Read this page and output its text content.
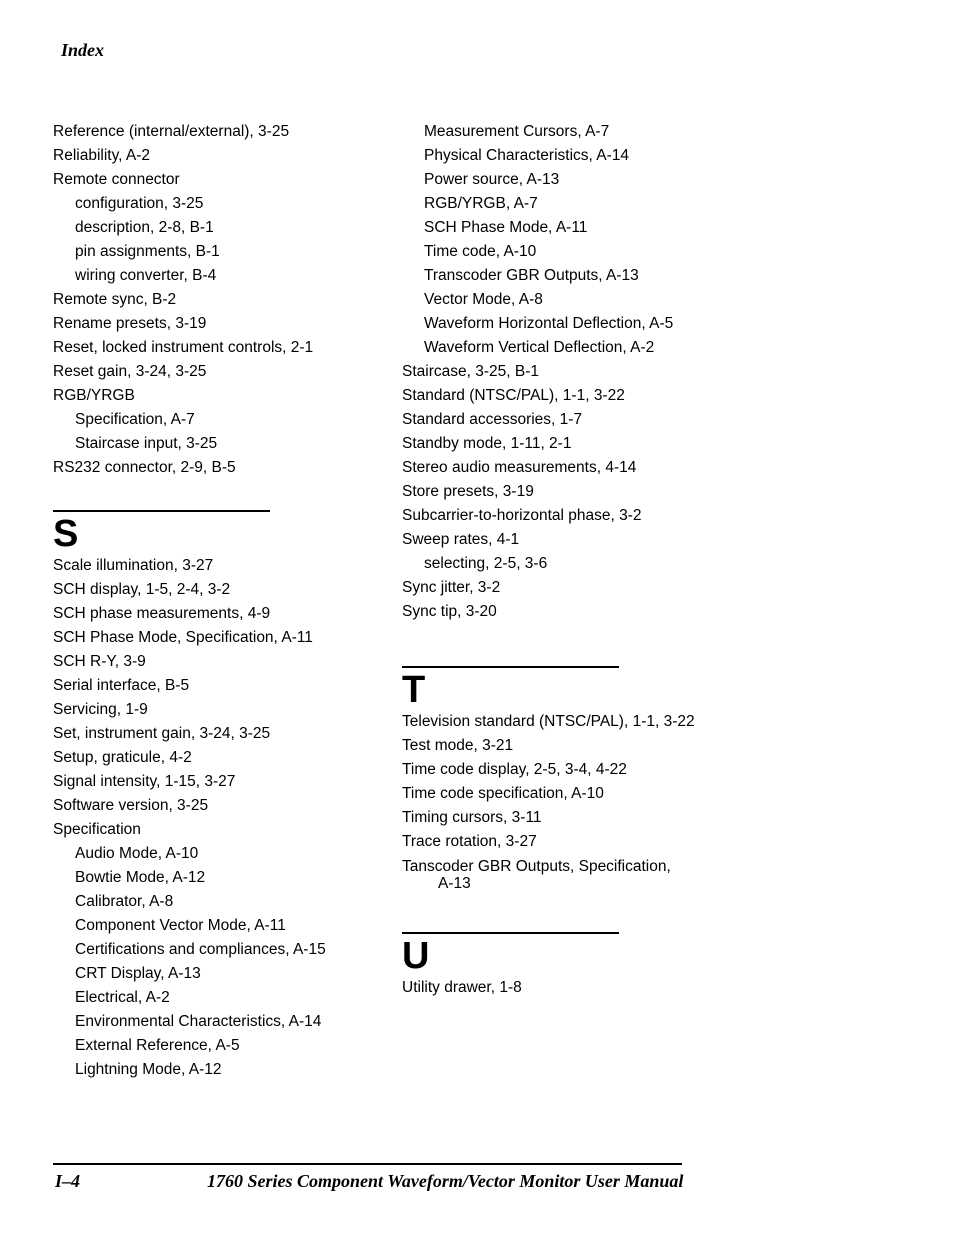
Index
Reference (internal/external), 3-25
Reliability, A-2
Remote connector
configuration, 3-25
description, 2-8, B-1
pin assignments, B-1
wiring converter, B-4
Remote sync, B-2
Rename presets, 3-19
Reset, locked instrument controls, 2-1
Reset gain, 3-24, 3-25
RGB/YRGB
Specification, A-7
Staircase input, 3-25
RS232 connector, 2-9, B-5
S
Scale illumination, 3-27
SCH display, 1-5, 2-4, 3-2
SCH phase measurements, 4-9
SCH Phase Mode, Specification, A-11
SCH R-Y, 3-9
Serial interface, B-5
Servicing, 1-9
Set, instrument gain, 3-24, 3-25
Setup, graticule, 4-2
Signal intensity, 1-15, 3-27
Software version, 3-25
Specification
Audio Mode, A-10
Bowtie Mode, A-12
Calibrator, A-8
Component Vector Mode, A-11
Certifications and compliances, A-15
CRT Display, A-13
Electrical, A-2
Environmental Characteristics, A-14
External Reference, A-5
Lightning Mode, A-12
Measurement Cursors, A-7
Physical Characteristics, A-14
Power source, A-13
RGB/YRGB, A-7
SCH Phase Mode, A-11
Time code, A-10
Transcoder GBR Outputs, A-13
Vector Mode, A-8
Waveform Horizontal Deflection, A-5
Waveform Vertical Deflection, A-2
Staircase, 3-25, B-1
Standard (NTSC/PAL), 1-1, 3-22
Standard accessories, 1-7
Standby mode, 1-11, 2-1
Stereo audio measurements, 4-14
Store presets, 3-19
Subcarrier-to-horizontal phase, 3-2
Sweep rates, 4-1
selecting, 2-5, 3-6
Sync jitter, 3-2
Sync tip, 3-20
T
Television standard (NTSC/PAL), 1-1, 3-22
Test mode, 3-21
Time code display, 2-5, 3-4, 4-22
Time code specification, A-10
Timing cursors, 3-11
Trace rotation, 3-27
Tanscoder GBR Outputs, Specification,
A-13
U
Utility drawer, 1-8
I–4	1760 Series Component Waveform/Vector Monitor User Manual
